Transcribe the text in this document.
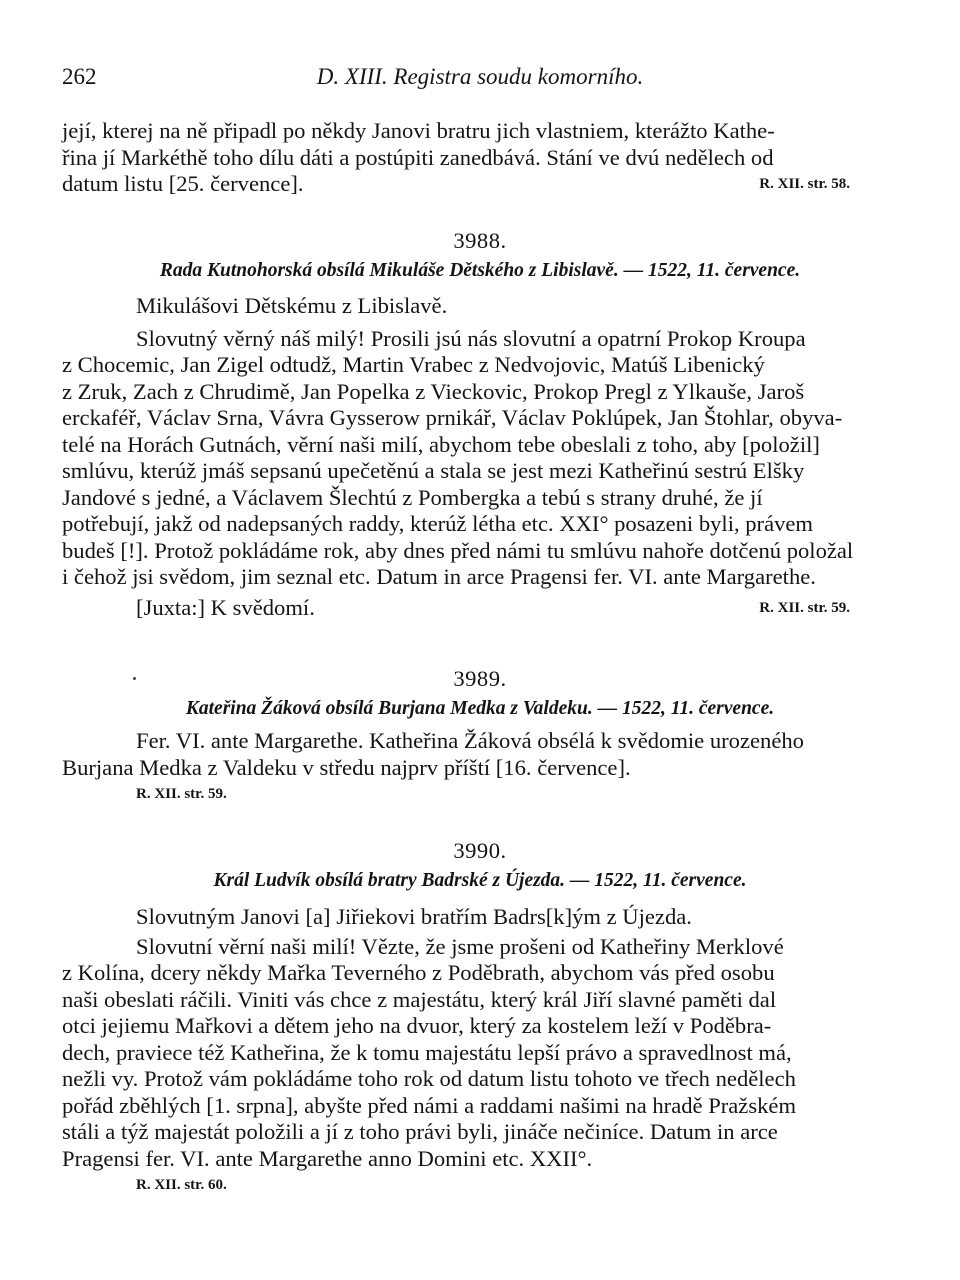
262	D. XIII. Registra soudu komorního.

její, kterej na ně připadl po někdy Janovi bratru jich vlastniem, kterážto Kathe-

řina jí Markéthě toho dílu dáti a postúpiti zanedbává. Stání ve dvú nedělech od

datum listu [25. července].	R. XII. str. 58.

3988.
Rada Kutnohorská obsílá Mikuláše Dětského z Libislavě. — 1522, 11. července.

Mikulášovi Dětskému z Libislavě.

Slovutný věrný náš milý! Prosili jsú nás slovutní a opatrní Prokop Kroupa

z Chocemic, Jan Zigel odtudž, Martin Vrabec z Nedvojovic, Matúš Libenický

z Zruk, Zach z Chrudimě, Jan Popelka z Vieckovic, Prokop Pregl z Ylkauše, Jaroš

erckaféř, Václav Srna, Vávra Gysserow prnikář, Václav Poklúpek, Jan Štohlar, obyva-

telé na Horách Gutnách, věrní naši milí, abychom tebe obeslali z toho, aby [položil]

smlúvu, kterúž jmáš sepsanú upečetěnú a stala se jest mezi Katheřinú sestrú Elšky

Jandové s jedné, a Václavem Šlechtú z Pombergka a tebú s strany druhé, že jí

potřebují, jakž od nadepsaných raddy, kterúž létha etc. XXI° posazeni byli, právem

budeš [!]. Protož pokládáme rok, aby dnes před námi tu smlúvu nahoře dotčenú položal

i čehož jsi svědom, jim seznal etc. Datum in arce Pragensi fer. VI. ante Margarethe.

[Juxta:] K svědomí.	R. XII. str. 59.

3989.
Kateřina Žáková obsílá Burjana Medka z Valdeku. — 1522, 11. července.

Fer. VI. ante Margarethe. Katheřina Žáková obsélá k svědomie urozeného

Burjana Medka z Valdeku v středu najprv příští [16. července].

R. XII. str. 59.
3990.
Král Ludvík obsílá bratry Badrské z Újezda. — 1522, 11. července.

Slovutným Janovi [a] Jiřiekovi bratřím Badrs[k]ým z Újezda.

Slovutní věrní naši milí! Vězte, že jsme prošeni od Katheřiny Merklové

z Kolína, dcery někdy Mařka Teverného z Poděbrath, abychom vás před osobu

naši obeslati ráčili. Viniti vás chce z majestátu, který král Jiří slavné paměti dal

otci jejiemu Mařkovi a dětem jeho na dvuor, který za kostelem leží v Poděbra-

dech, praviece též Katheřina, že k tomu majestátu lepší právo a spravedlnost má,

nežli vy. Protož vám pokládáme toho rok od datum listu tohoto ve třech nedělech

pořád zběhlých [1. srpna], abyšte před námi a raddami našimi na hradě Pražském

stáli a týž majestát položili a jí z toho právi byli, jináče nečiníce. Datum in arce

Pragensi fer. VI. ante Margarethe anno Domini etc. XXII°.

R. XII. str. 60.
